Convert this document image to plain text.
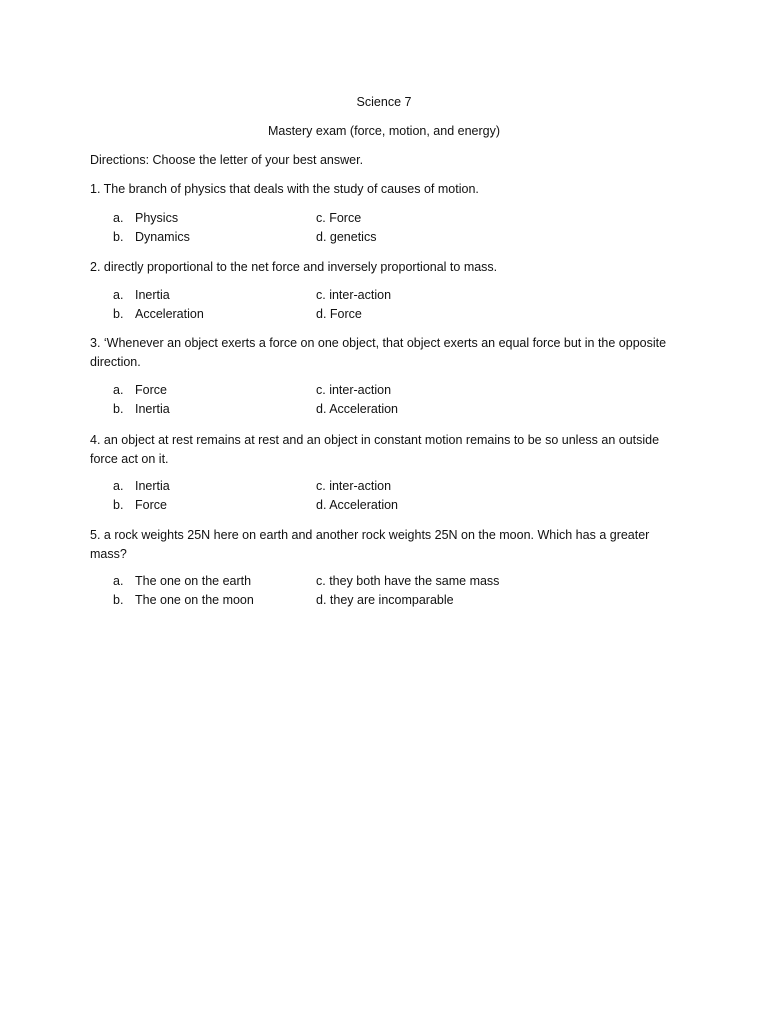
Science 7
Mastery exam (force, motion, and energy)
Directions: Choose the letter of your best answer.
1. The branch of physics that deals with the study of causes of motion.
a. Physics
b. Dynamics
c. Force
d. genetics
2. directly proportional to the net force and inversely proportional to mass.
a. Inertia
b. Acceleration
c. inter-action
d. Force
3. ‘Whenever an object exerts a force on one object, that object exerts an equal force but in the opposite direction.
a. Force
b. Inertia
c. inter-action
d. Acceleration
4. an object at rest remains at rest and an object in constant motion remains to be so unless an outside force act on it.
a. Inertia
b. Force
c. inter-action
d. Acceleration
5. a rock weights 25N here on earth and another rock weights 25N on the moon. Which has a greater mass?
a. The one on the earth
b. The one on the moon
c. they both have the same mass
d. they are incomparable
